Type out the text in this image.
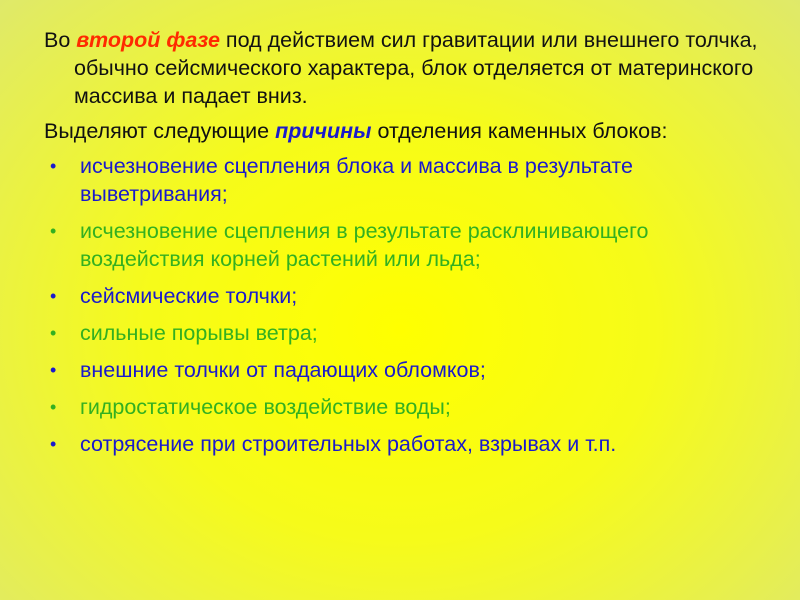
Во второй фазе под действием сил гравитации или внешнего толчка, обычно сейсмического характера, блок отделяется от материнского массива и падает вниз.

Выделяют следующие причины отделения каменных блоков:

• исчезновение сцепления блока и массива в результате выветривания;
• исчезновение сцепления в результате расклинивающего воздействия корней растений или льда;
• сейсмические толчки;
• сильные порывы ветра;
• внешние толчки от падающих обломков;
• гидростатическое воздействие воды;
• сотрясение при строительных работах, взрывах и т.п.
